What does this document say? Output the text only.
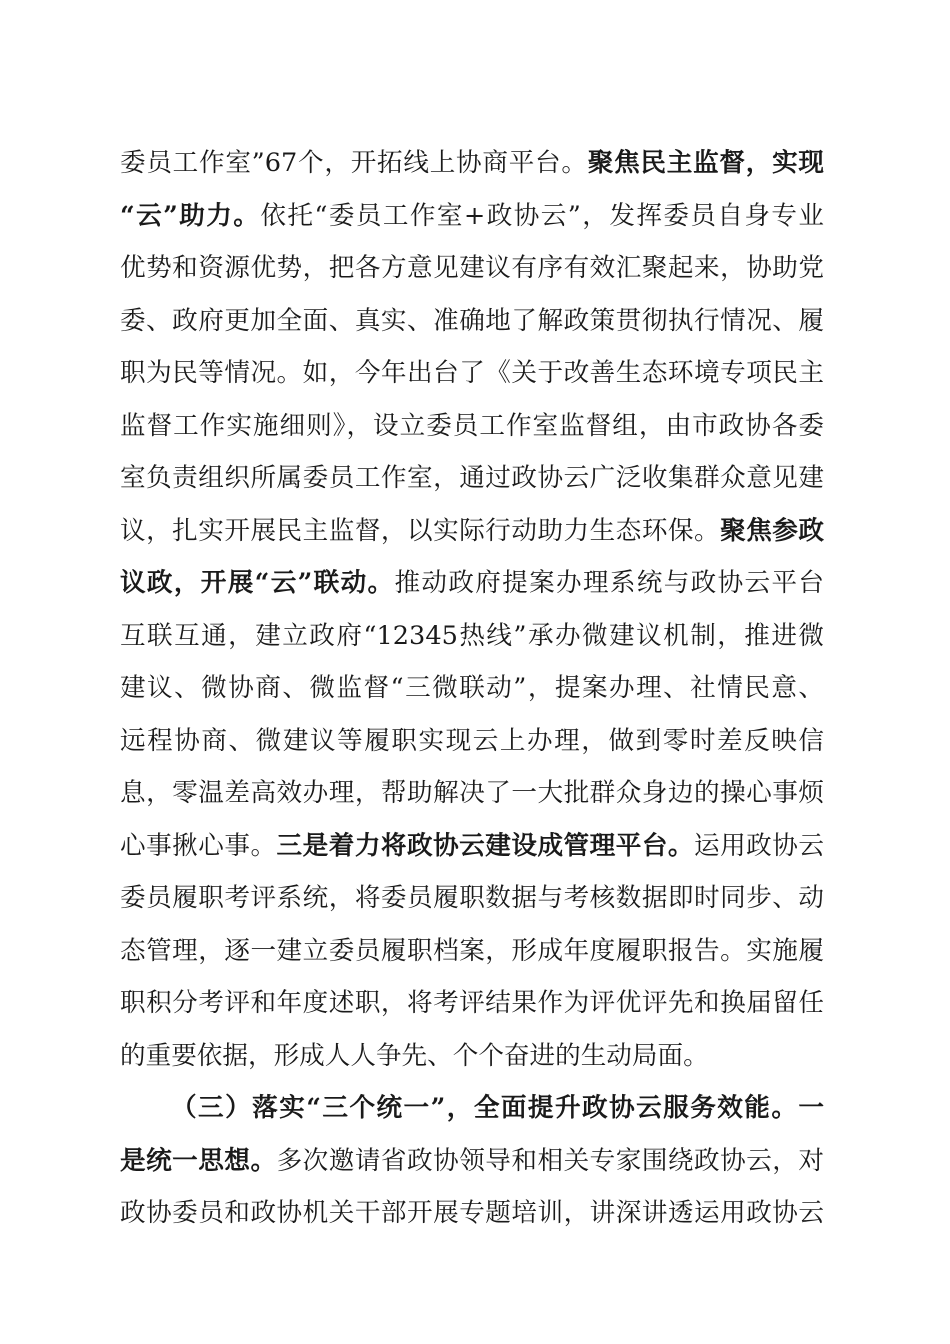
委员工作室”67个，开拓线上协商平台。聚焦民主监督，实现
“云”助力。依托“委员工作室+政协云”，发挥委员自身专业
优势和资源优势，把各方意见建议有序有效汇聚起来，协助党
委、政府更加全面、真实、准确地了解政策贯彻执行情况、履
职为民等情况。如，今年出台了《关于改善生态环境专项民主
监督工作实施细则》，设立委员工作室监督组，由市政协各委
室负责组织所属委员工作室，通过政协云广泛收集群众意见建
议，扎实开展民主监督，以实际行动助力生态环保。聚焦参政
议政，开展“云”联动。推动政府提案办理系统与政协云平台
互联互通，建立政府“12345热线”承办微建议机制，推进微
建议、微协商、微监督“三微联动”，提案办理、社情民意、
远程协商、微建议等履职实现云上办理，做到零时差反映信
息，零温差高效办理，帮助解决了一大批群众身边的操心事烦
心事揪心事。三是着力将政协云建设成管理平台。运用政协云
委员履职考评系统，将委员履职数据与考核数据即时同步、动
态管理，逐一建立委员履职档案，形成年度履职报告。实施履
职积分考评和年度述职，将考评结果作为评优评先和换届留任
的重要依据，形成人人争先、个个奋进的生动局面。
（三）落实“三个统一”，全面提升政协云服务效能。一
是统一思想。多次邀请省政协领导和相关专家围绕政协云，对
政协委员和政协机关干部开展专题培训，讲深讲透运用政协云
